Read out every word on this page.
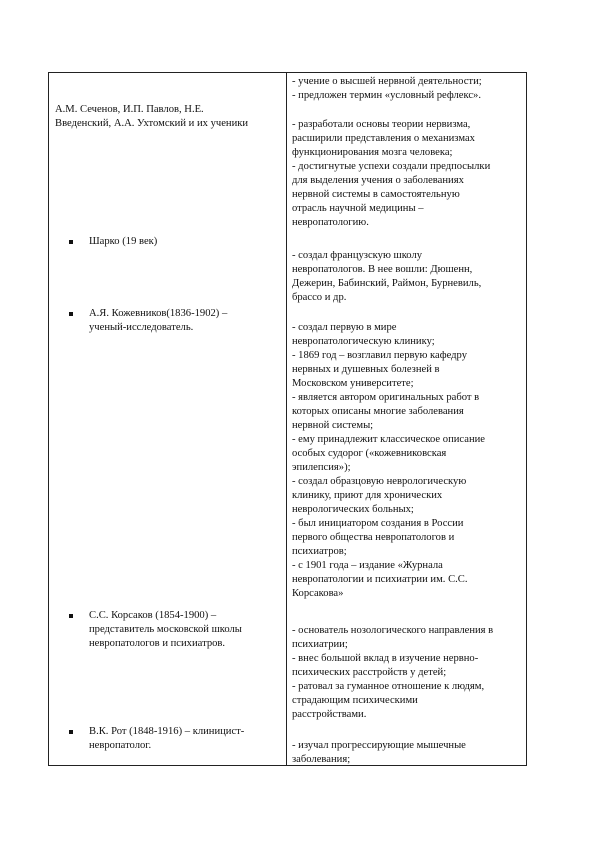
А.М. Сеченов, И.П. Павлов, Н.Е.
Введенский, А.А. Ухтомский и их ученики
- учение о высшей нервной деятельности;
- предложен термин «условный рефлекс».
- разработали основы теории нервизма,
расширили представления о механизмах
функционирования мозга человека;
- достигнутые успехи создали предпосылки
для выделения учения о заболеваниях
нервной системы в самостоятельную
отрасль научной медицины –
невропатологию.
Шарко (19 век)
- создал французскую школу
невропатологов. В нее вошли: Дюшенн,
Дежерин, Бабинский, Раймон, Бурневиль,
брассо и др.
А.Я. Кожевников(1836-1902) –
ученый-исследователь.	- создал первую в мире
невропатологическую клинику;
- 1869 год – возглавил первую кафедру
нервных и душевных болезней в
Московском университете;
- является автором оригинальных работ в
которых описаны многие заболевания
нервной системы;
- ему принадлежит классическое описание
особых судорог («кожевниковская
эпилепсия»);
- создал образцовую неврологическую
клинику, приют для хронических
неврологических больных;
- был инициатором создания в России
первого общества невропатологов и
психиатров;
- с 1901 года – издание «Журнала
невропатологии и психиатрии им. С.С.
Корсакова»
С.С. Корсаков (1854-1900) –
представитель московской школы
невропатологов и психиатров.
- основатель нозологического направления в
психиатрии;
- внес большой вклад в изучение нервно-
психических расстройств у детей;
- ратовал за гуманное отношение к людям,
страдающим психическими
расстройствами.
В.К. Рот (1848-1916) – клиницист-
невропатолог.	- изучал прогрессирующие мышечные
заболевания;
